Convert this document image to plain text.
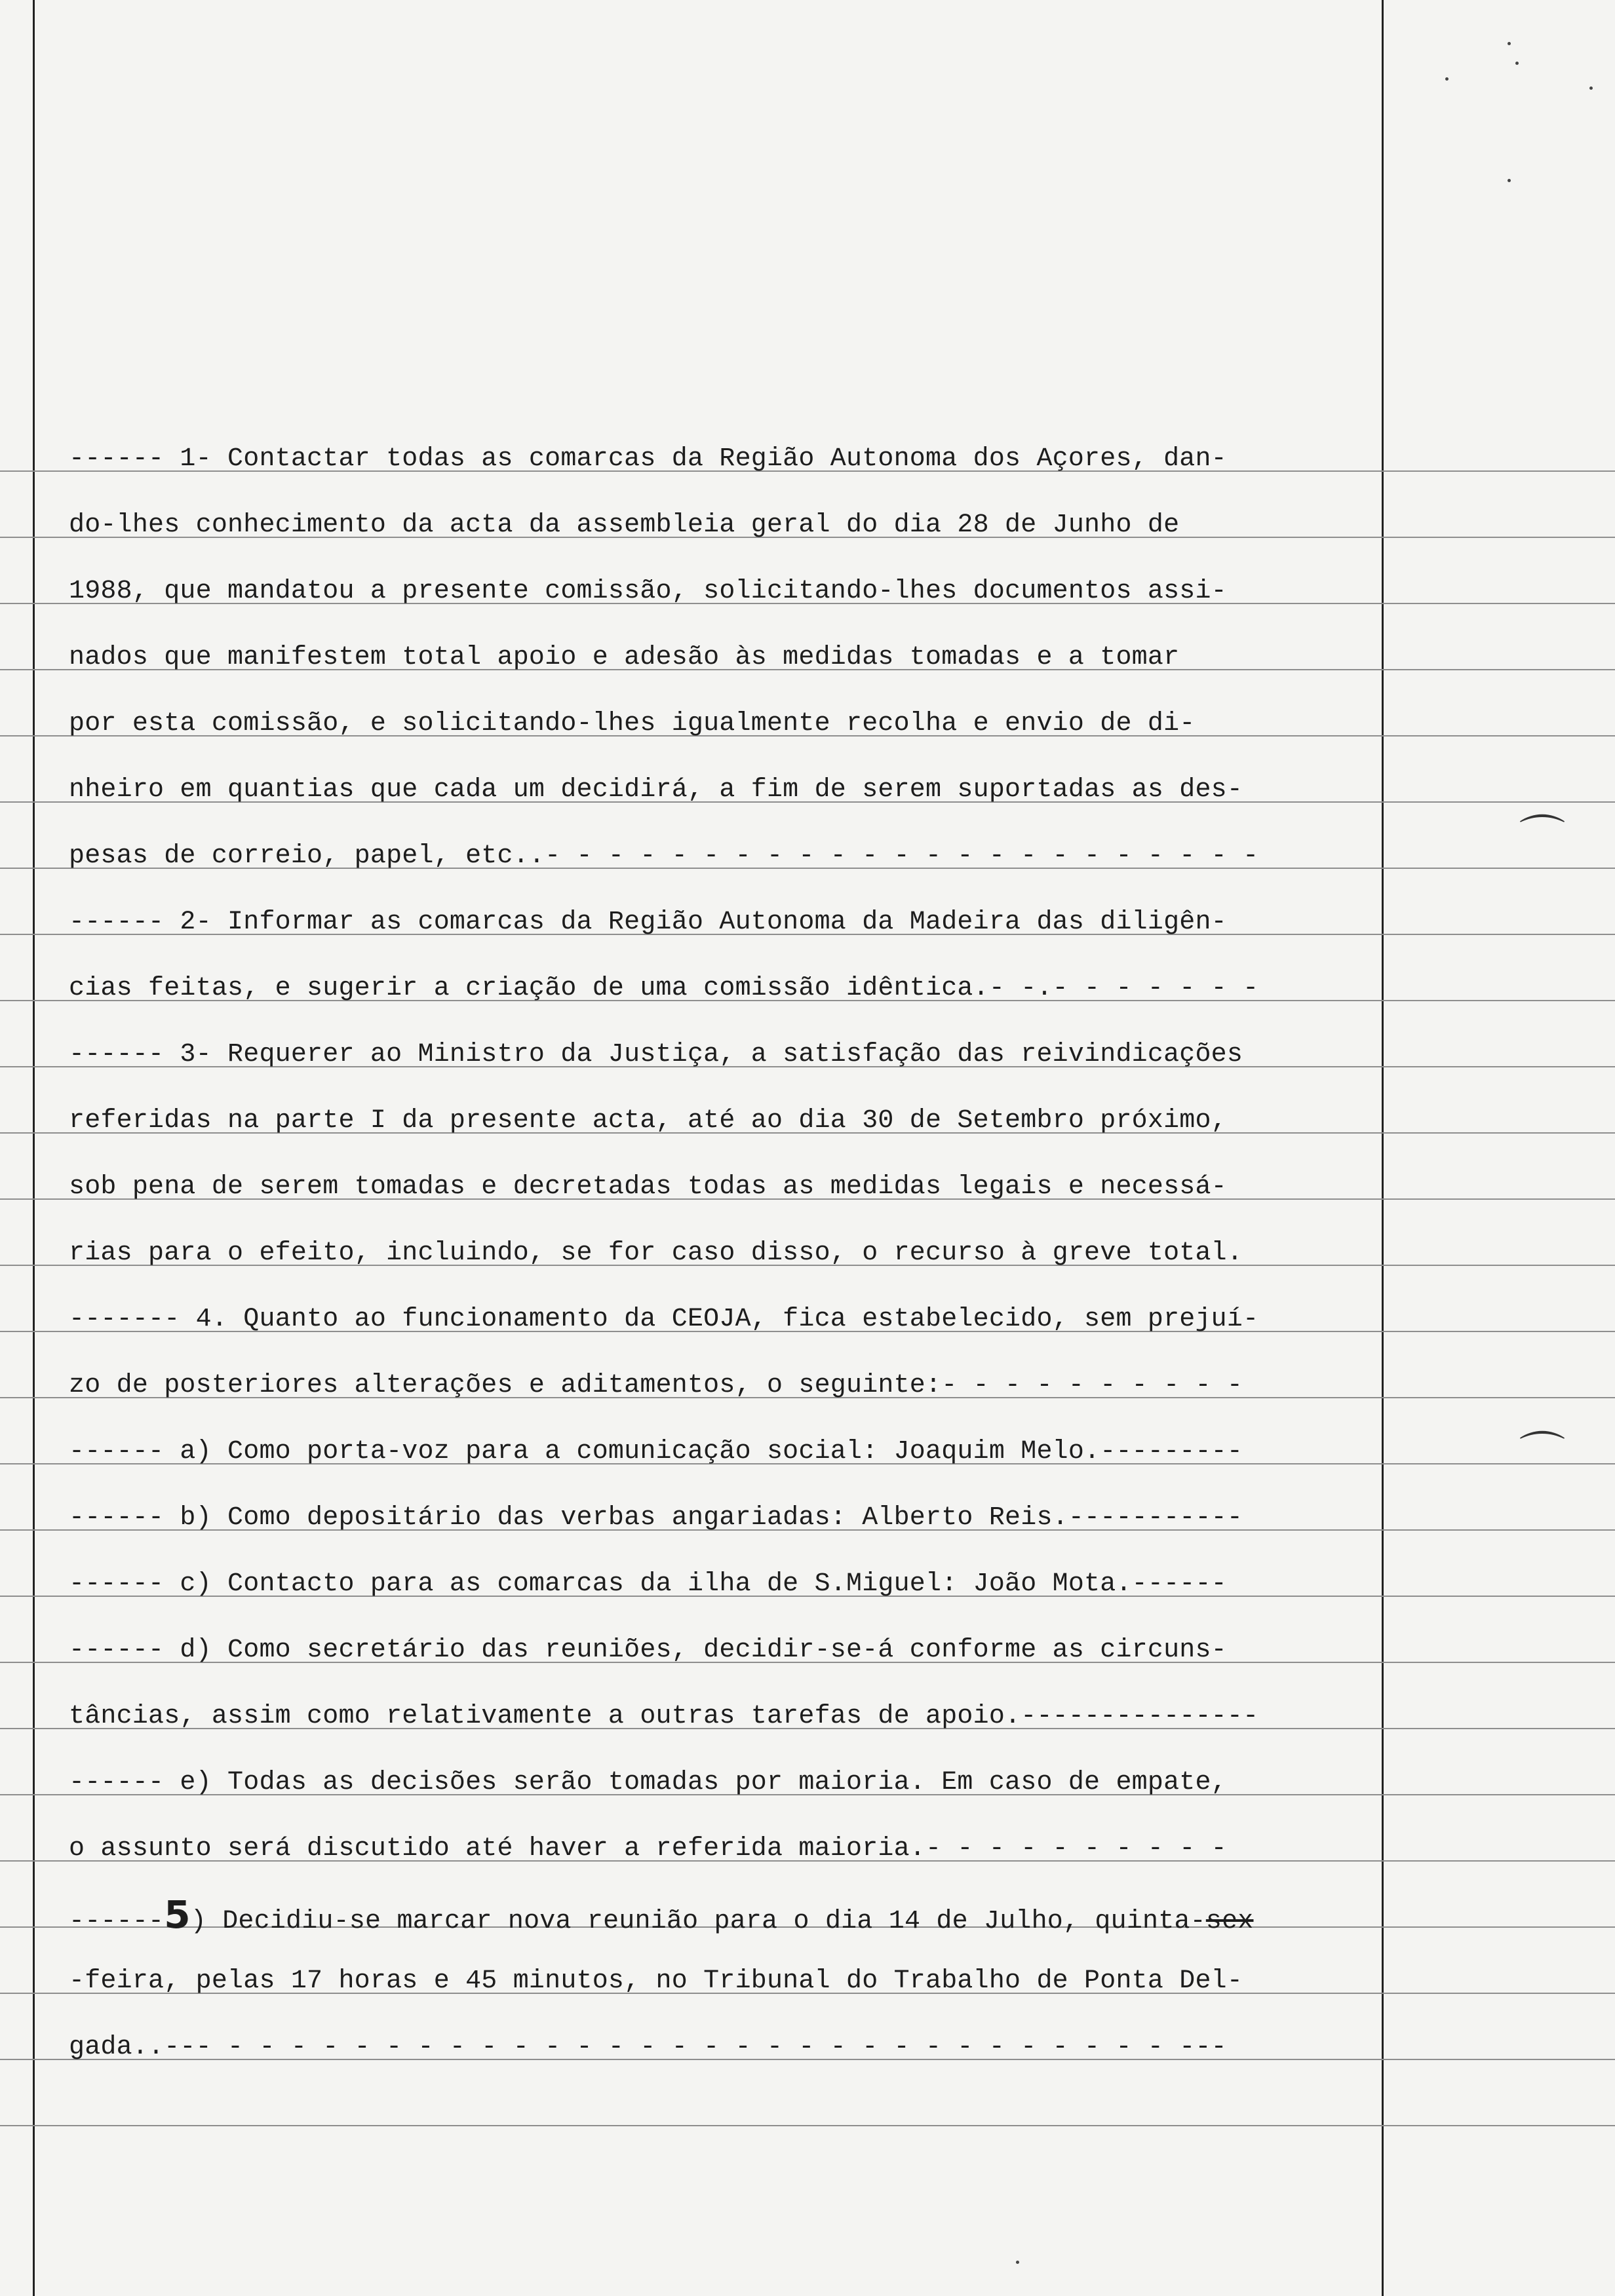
⌒
⌒
------ 1- Contactar todas as comarcas da Região Autonoma dos Açores, dan-
do-lhes conhecimento da acta da assembleia geral do dia 28 de Junho de
1988, que mandatou a presente comissão, solicitando-lhes documentos assi-
nados que manifestem total apoio e adesão às medidas tomadas e a tomar
por esta comissão, e solicitando-lhes igualmente recolha e envio de di-
nheiro em quantias que cada um decidirá, a fim de serem suportadas as des-
pesas de correio, papel, etc..- - - - - - - - - - - - - - - - - - - - - - -
------ 2- Informar as comarcas da Região Autonoma da Madeira das diligên-
cias feitas, e sugerir a criação de uma comissão idêntica.- -.- - - - - - -
------ 3- Requerer ao Ministro da Justiça, a satisfação das reivindicações
referidas na parte I da presente acta, até ao dia 30 de Setembro próximo,
sob pena de serem tomadas e decretadas todas as medidas legais e necessá-
rias para o efeito, incluindo, se for caso disso, o recurso à greve total.
------- 4. Quanto ao funcionamento da CEOJA, fica estabelecido, sem prejuí-
zo de posteriores alterações e aditamentos, o seguinte:- - - - - - - - - -
------ a) Como porta-voz para a comunicação social: Joaquim Melo.---------
------ b) Como depositário das verbas angariadas: Alberto Reis.-----------
------ c) Contacto para as comarcas da ilha de S.Miguel: João Mota.------
------ d) Como secretário das reuniões, decidir-se-á conforme as circuns-
tâncias, assim como relativamente a outras tarefas de apoio.---------------
------ e) Todas as decisões serão tomadas por maioria. Em caso de empate,
o assunto será discutido até haver a referida maioria.- - - - - - - - - -
------5) Decidiu-se marcar nova reunião para o dia 14 de Julho, quinta-sex
-feira, pelas 17 horas e 45 minutos, no Tribunal do Trabalho de Ponta Del-
gada..--- - - - - - - - - - - - - - - - - - - - - - - - - - - - - - - ---
